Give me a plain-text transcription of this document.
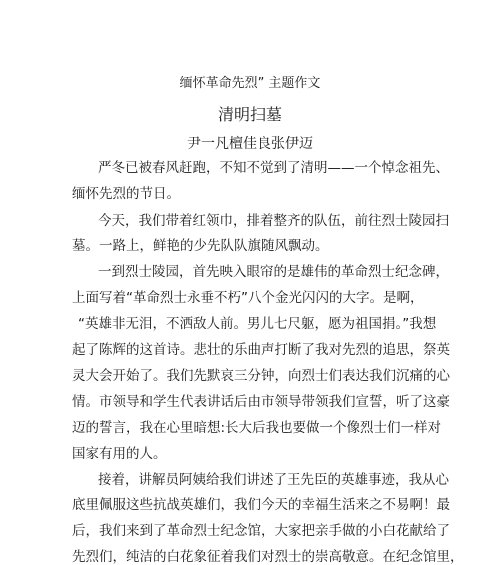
缅怀革命先烈” 主题作文
清明扫墓
尹一凡檀佳良张伊迈
严冬已被春风赶跑，不知不觉到了清明——一个悼念祖先、
缅怀先烈的节日。
今天，我们带着红领巾，排着整齐的队伍，前往烈士陵园扫
墓。一路上，鲜艳的少先队队旗随风飘动。
一到烈士陵园，首先映入眼帘的是雄伟的革命烈士纪念碑，
上面写着“革命烈士永垂不朽”八个金光闪闪的大字。是啊，
“英雄非无泪，不洒敌人前。男儿七尺躯，愿为祖国捐。”我想
起了陈辉的这首诗。悲壮的乐曲声打断了我对先烈的追思，祭英
灵大会开始了。我们先默哀三分钟，向烈士们表达我们沉痛的心
情。市领导和学生代表讲话后由市领导带领我们宣誓，听了这豪
迈的誓言，我在心里暗想:长大后我也要做一个像烈士们一样对
国家有用的人。
接着，讲解员阿姨给我们讲述了王先臣的英雄事迹，我从心
底里佩服这些抗战英雄们，我们今天的幸福生活来之不易啊！最
后，我们来到了革命烈士纪念馆，大家把亲手做的小白花献给了
先烈们，纯洁的白花象征着我们对烈士的崇高敬意。在纪念馆里，
